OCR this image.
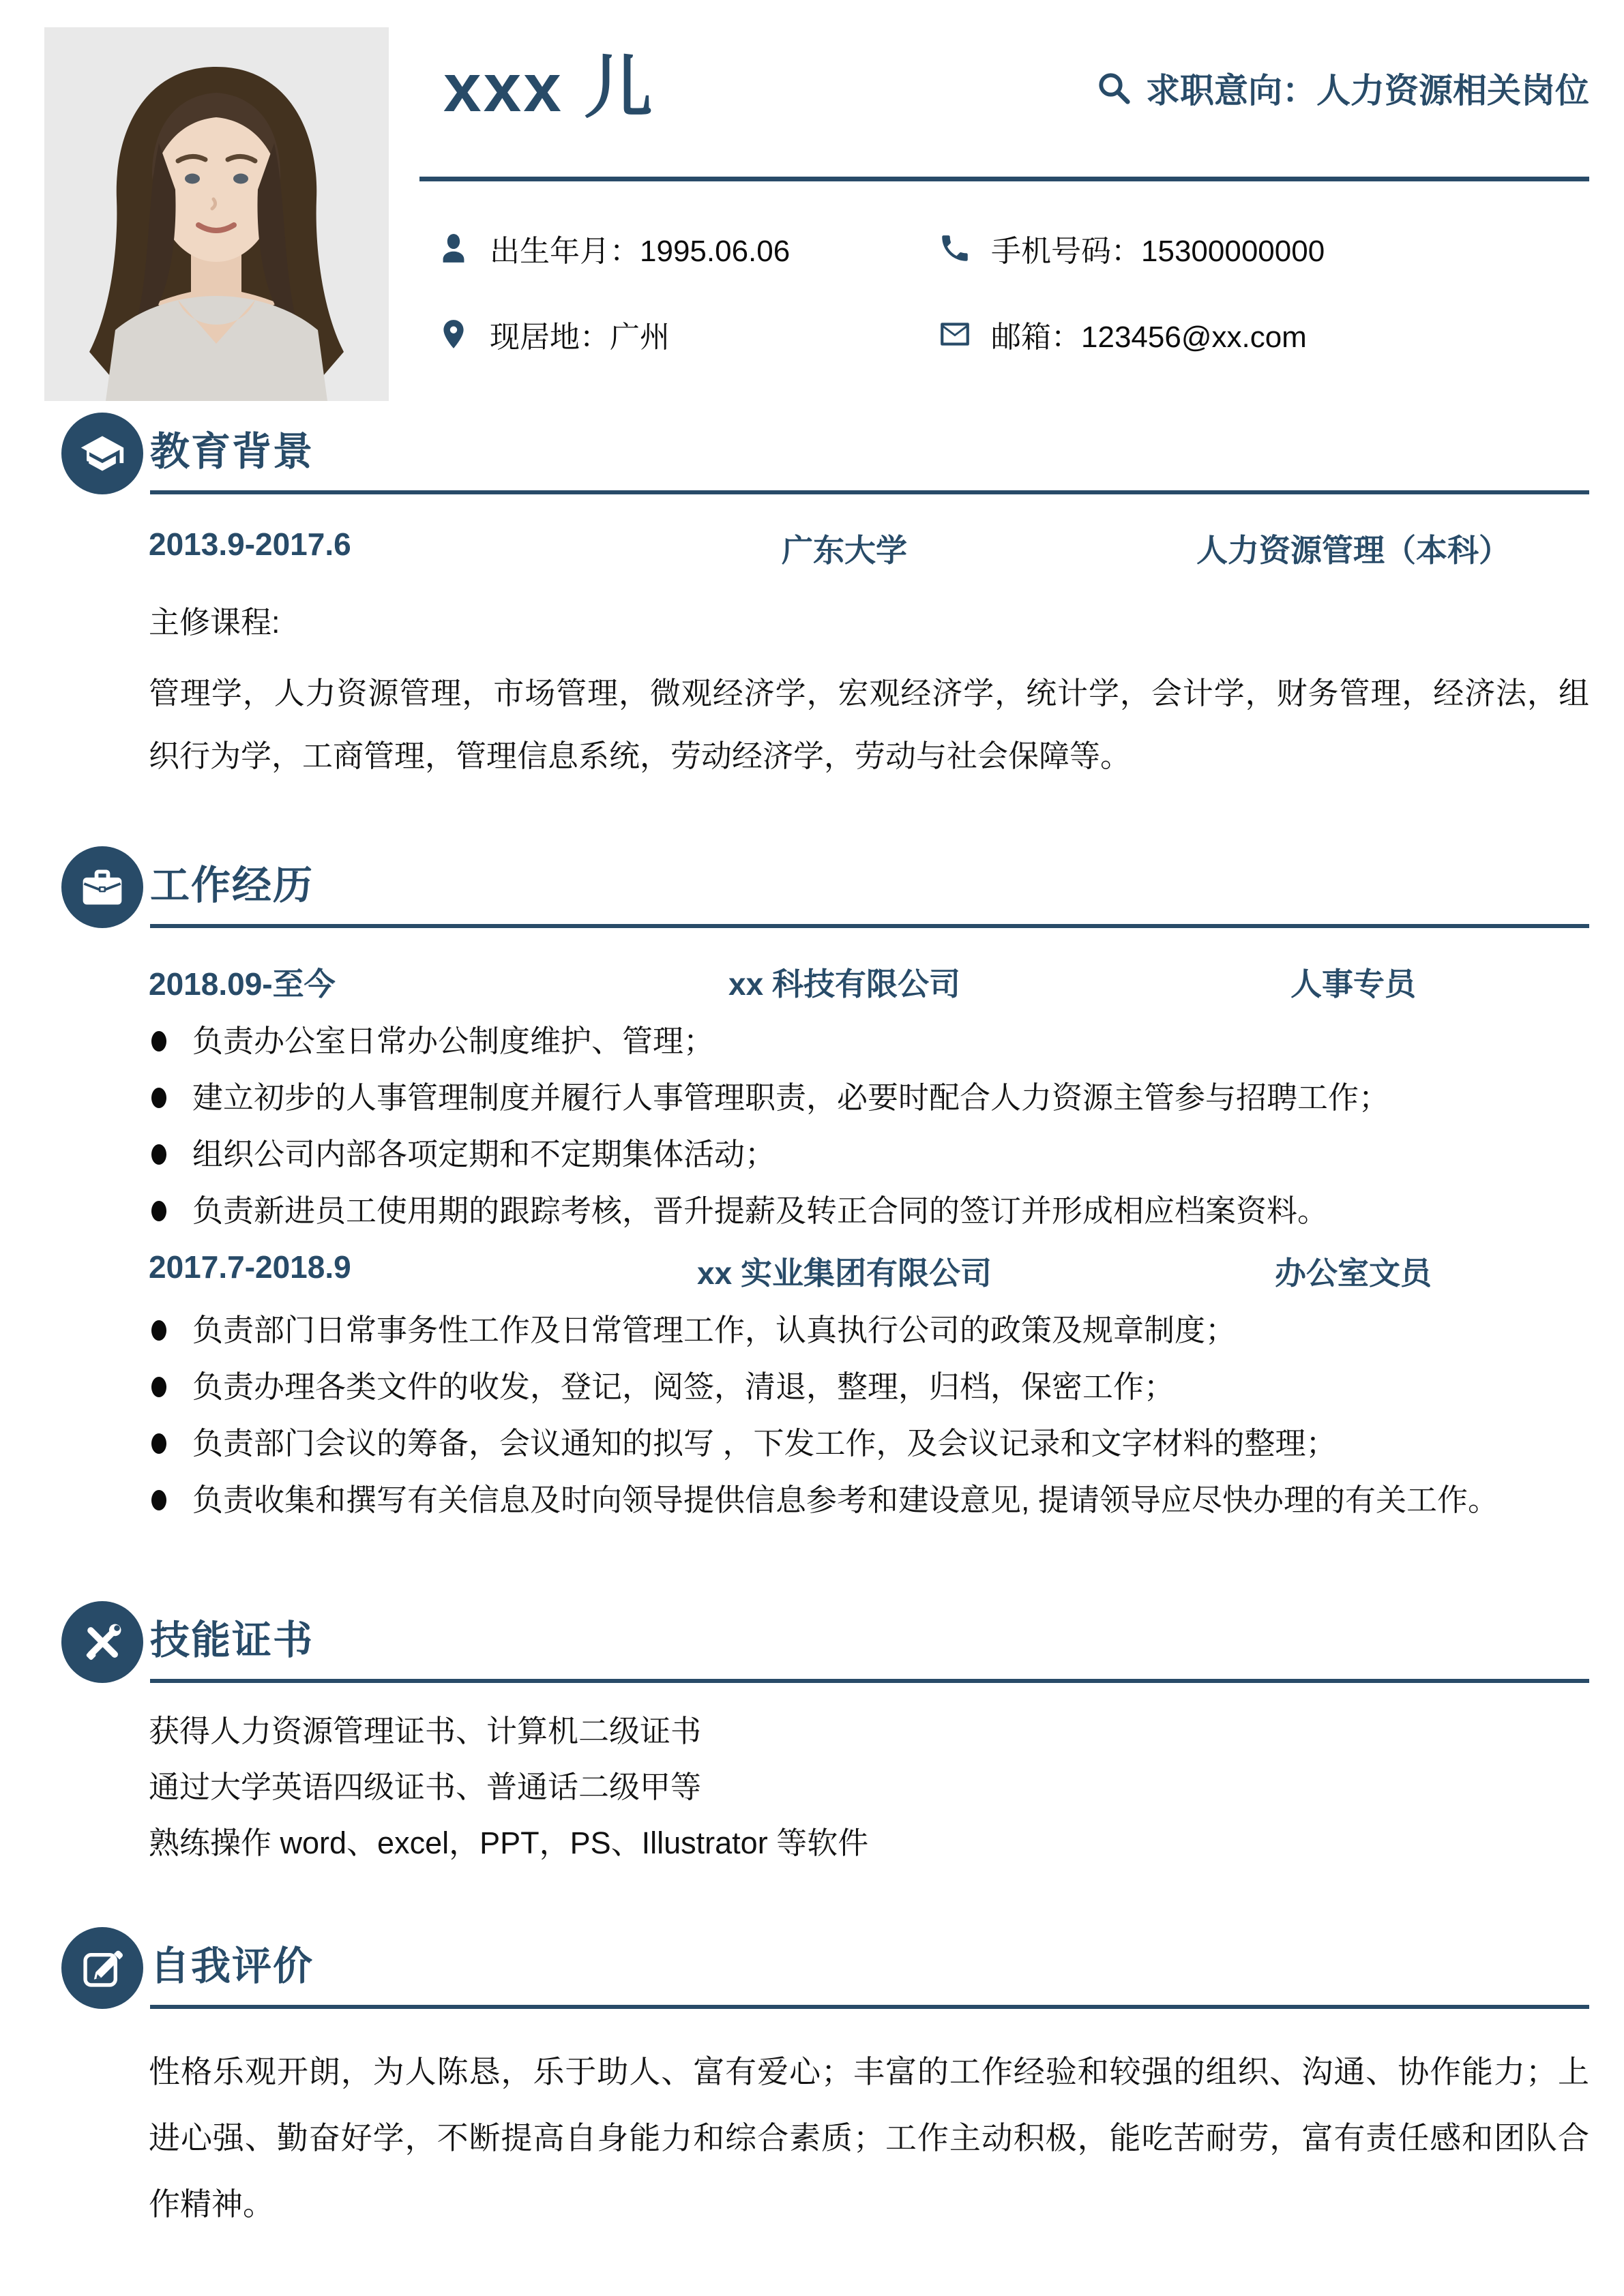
xxx 儿	求职意向：人力资源相关岗位
出生年月：1995.06.06	手机号码：15300000000
现居地：广州	邮箱：123456@xx.com
教育背景
2013.9-2017.6	广东大学	人力资源管理（本科）
主修课程:
管理学，人力资源管理，市场管理，微观经济学，宏观经济学，统计学，会计学，财务管理，经济法，组织行为学，工商管理，管理信息系统，劳动经济学，劳动与社会保障等。
工作经历
2018.09-至今	xx 科技有限公司	人事专员
负责办公室日常办公制度维护、管理；
建立初步的人事管理制度并履行人事管理职责，必要时配合人力资源主管参与招聘工作；
组织公司内部各项定期和不定期集体活动；
负责新进员工使用期的跟踪考核，晋升提薪及转正合同的签订并形成相应档案资料。
2017.7-2018.9	xx 实业集团有限公司	办公室文员
负责部门日常事务性工作及日常管理工作，认真执行公司的政策及规章制度；
负责办理各类文件的收发，登记，阅签，清退，整理，归档，保密工作；
负责部门会议的筹备，会议通知的拟写 ，下发工作，及会议记录和文字材料的整理；
负责收集和撰写有关信息及时向领导提供信息参考和建设意见, 提请领导应尽快办理的有关工作。
技能证书
获得人力资源管理证书、计算机二级证书
通过大学英语四级证书、普通话二级甲等
熟练操作 word、excel，PPT，PS、Illustrator 等软件
自我评价
性格乐观开朗，为人陈恳，乐于助人、富有爱心；丰富的工作经验和较强的组织、沟通、协作能力；上进心强、勤奋好学，不断提高自身能力和综合素质；工作主动积极，能吃苦耐劳，富有责任感和团队合作精神。
